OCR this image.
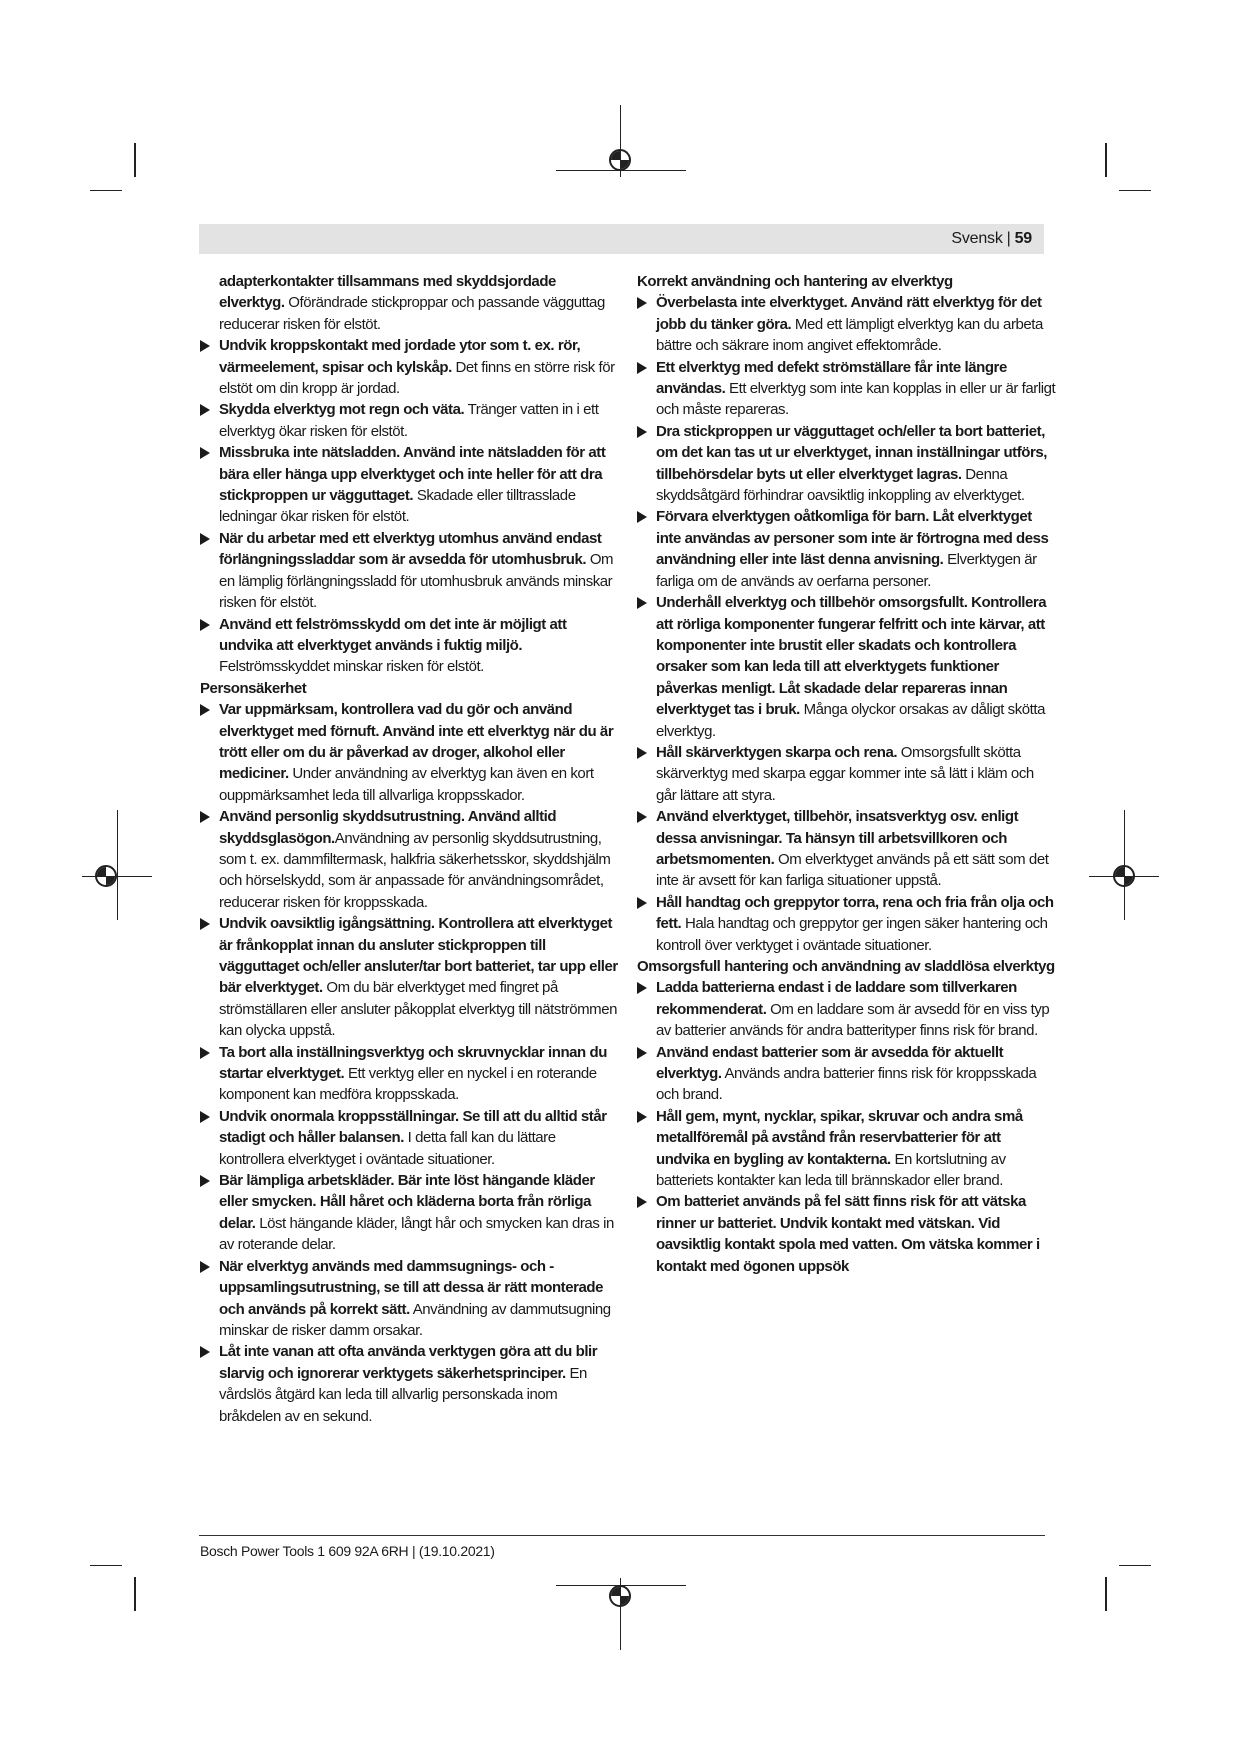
Svensk | 59

adapterkontakter tillsammans med skyddsjordade elverktyg. Oförändrade stickproppar och passande vägguttag reducerar risken för elstöt.

Undvik kroppskontakt med jordade ytor som t. ex. rör, värmeelement, spisar och kylskåp. Det finns en större risk för elstöt om din kropp är jordad.

Skydda elverktyg mot regn och väta. Tränger vatten in i ett elverktyg ökar risken för elstöt.

Missbruka inte nätsladden. Använd inte nätsladden för att bära eller hänga upp elverktyget och inte heller för att dra stickproppen ur vägguttaget. Skadade eller tilltrasslade ledningar ökar risken för elstöt.

När du arbetar med ett elverktyg utomhus använd endast förlängningssladdar som är avsedda för utomhusbruk. Om en lämplig förlängningssladd för utomhusbruk används minskar risken för elstöt.

Använd ett felströmsskydd om det inte är möjligt att undvika att elverktyget används i fuktig miljö. Felströmsskyddet minskar risken för elstöt.

Personsäkerhet

Var uppmärksam, kontrollera vad du gör och använd elverktyget med förnuft. Använd inte ett elverktyg när du är trött eller om du är påverkad av droger, alkohol eller mediciner. Under användning av elverktyg kan även en kort ouppmärksamhet leda till allvarliga kroppsskador.

Använd personlig skyddsutrustning. Använd alltid skyddsglasögon.Användning av personlig skyddsutrustning, som t. ex. dammfiltermask, halkfria säkerhetsskor, skyddshjälm och hörselskydd, som är anpassade för användningsområdet, reducerar risken för kroppsskada.

Undvik oavsiktlig igångsättning. Kontrollera att elverktyget är frånkopplat innan du ansluter stickproppen till vägguttaget och/eller ansluter/tar bort batteriet, tar upp eller bär elverktyget. Om du bär elverktyget med fingret på strömställaren eller ansluter påkopplat elverktyg till nätströmmen kan olycka uppstå.

Ta bort alla inställningsverktyg och skruvnycklar innan du startar elverktyget. Ett verktyg eller en nyckel i en roterande komponent kan medföra kroppsskada.

Undvik onormala kroppsställningar. Se till att du alltid står stadigt och håller balansen. I detta fall kan du lättare kontrollera elverktyget i oväntade situationer.

Bär lämpliga arbetskläder. Bär inte löst hängande kläder eller smycken. Håll håret och kläderna borta från rörliga delar. Löst hängande kläder, långt hår och smycken kan dras in av roterande delar.

När elverktyg används med dammsugnings- och -uppsamlingsutrustning, se till att dessa är rätt monterade och används på korrekt sätt. Användning av dammutsugning minskar de risker damm orsakar.

Låt inte vanan att ofta använda verktygen göra att du blir slarvig och ignorerar verktygets säkerhetsprinciper. En vårdslös åtgärd kan leda till allvarlig personskada inom bråkdelen av en sekund.

Korrekt användning och hantering av elverktyg

Överbelasta inte elverktyget. Använd rätt elverktyg för det jobb du tänker göra. Med ett lämpligt elverktyg kan du arbeta bättre och säkrare inom angivet effektområde.

Ett elverktyg med defekt strömställare får inte längre användas. Ett elverktyg som inte kan kopplas in eller ur är farligt och måste repareras.

Dra stickproppen ur vägguttaget och/eller ta bort batteriet, om det kan tas ut ur elverktyget, innan inställningar utförs, tillbehörsdelar byts ut eller elverktyget lagras. Denna skyddsåtgärd förhindrar oavsiktlig inkoppling av elverktyget.

Förvara elverktygen oåtkomliga för barn. Låt elverktyget inte användas av personer som inte är förtrogna med dess användning eller inte läst denna anvisning. Elverktygen är farliga om de används av oerfarna personer.

Underhåll elverktyg och tillbehör omsorgsfullt. Kontrollera att rörliga komponenter fungerar felfritt och inte kärvar, att komponenter inte brustit eller skadats och kontrollera orsaker som kan leda till att elverktygets funktioner påverkas menligt. Låt skadade delar repareras innan elverktyget tas i bruk. Många olyckor orsakas av dåligt skötta elverktyg.

Håll skärverktygen skarpa och rena. Omsorgsfullt skötta skärverktyg med skarpa eggar kommer inte så lätt i kläm och går lättare att styra.

Använd elverktyget, tillbehör, insatsverktyg osv. enligt dessa anvisningar. Ta hänsyn till arbetsvillkoren och arbetsmomenten. Om elverktyget används på ett sätt som det inte är avsett för kan farliga situationer uppstå.

Håll handtag och greppytor torra, rena och fria från olja och fett. Hala handtag och greppytor ger ingen säker hantering och kontroll över verktyget i oväntade situationer.

Omsorgsfull hantering och användning av sladdlösa elverktyg

Ladda batterierna endast i de laddare som tillverkaren rekommenderat. Om en laddare som är avsedd för en viss typ av batterier används för andra batterityper finns risk för brand.

Använd endast batterier som är avsedda för aktuellt elverktyg. Används andra batterier finns risk för kroppsskada och brand.

Håll gem, mynt, nycklar, spikar, skruvar och andra små metallföremål på avstånd från reservbatterier för att undvika en bygling av kontakterna. En kortslutning av batteriets kontakter kan leda till brännskador eller brand.

Om batteriet används på fel sätt finns risk för att vätska rinner ur batteriet. Undvik kontakt med vätskan. Vid oavsiktlig kontakt spola med vatten. Om vätska kommer i kontakt med ögonen uppsök

Bosch Power Tools 1 609 92A 6RH | (19.10.2021)
